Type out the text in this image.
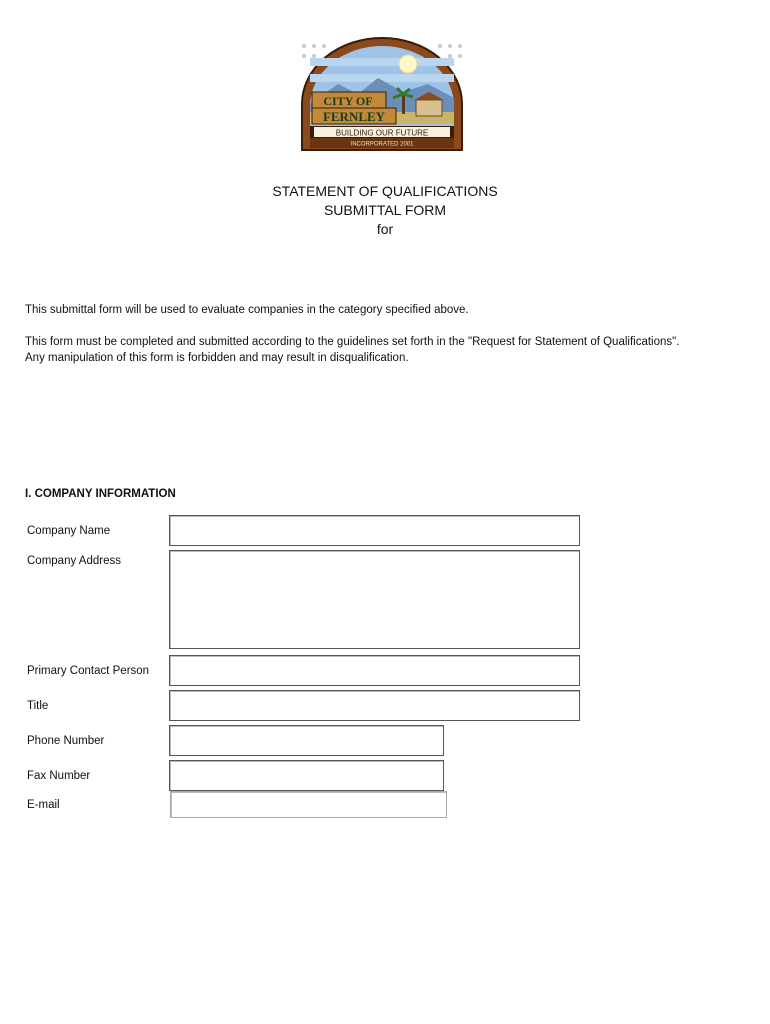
CITY OF
FERNLEY
BUILDING OUR FUTURE
INCORPORATED 2001
STATEMENT OF QUALIFICATIONS
SUBMITTAL FORM
for
This submittal form will be used to evaluate companies in the category specified above.
This form must be completed and submitted according to the guidelines set forth in the "Request for Statement of Qualifications".
Any manipulation of this form is forbidden and may result in disqualification.
I. COMPANY INFORMATION
Company Name
Company Address
Primary Contact Person
Title
Phone Number
Fax Number
E-mail
